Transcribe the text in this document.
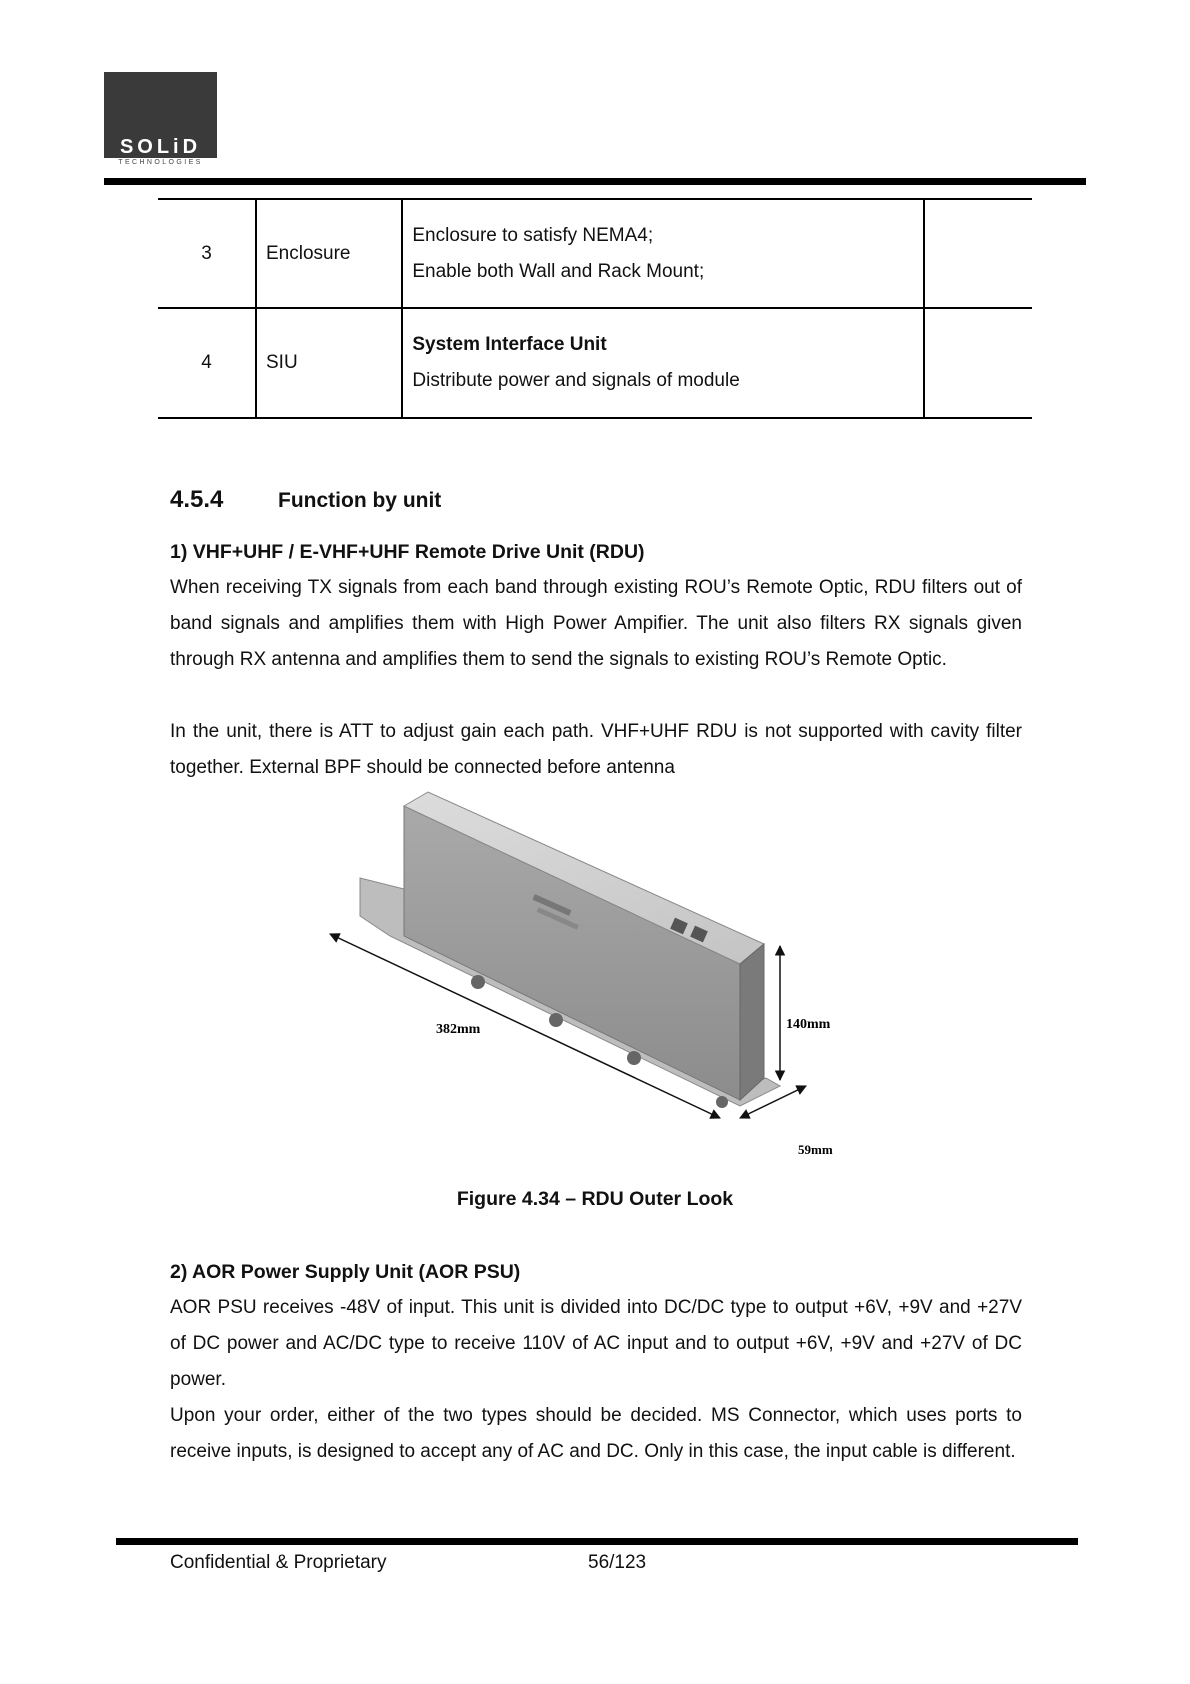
SOLiD
TECHNOLOGIES
3	Enclosure	Enclosure to satisfy NEMA4;
Enable both Wall and Rack Mount;	

4	SIU	System Interface Unit
Distribute power and signals of module	

4.5.4	Function by unit
1) VHF+UHF / E-VHF+UHF Remote Drive Unit (RDU)

When receiving TX signals from each band through existing ROU’s Remote Optic, RDU filters out of band signals and amplifies them with High Power Ampifier. The unit also filters RX signals given through RX antenna and amplifies them to send the signals to existing ROU’s Remote Optic.

In the unit, there is ATT to adjust gain each path. VHF+UHF RDU is not supported with cavity filter together. External BPF should be connected before antenna

382mm	140mm
59mm
Figure 4.34 – RDU Outer Look
2) AOR Power Supply Unit (AOR PSU)

AOR PSU receives -48V of input. This unit is divided into DC/DC type to output +6V, +9V and +27V of DC power and AC/DC type to receive 110V of AC input and to output +6V, +9V and +27V of DC power.

Upon your order, either of the two types should be decided. MS Connector, which uses ports to receive inputs, is designed to accept any of AC and DC. Only in this case, the input cable is different.

Confidential & Proprietary	56/123
